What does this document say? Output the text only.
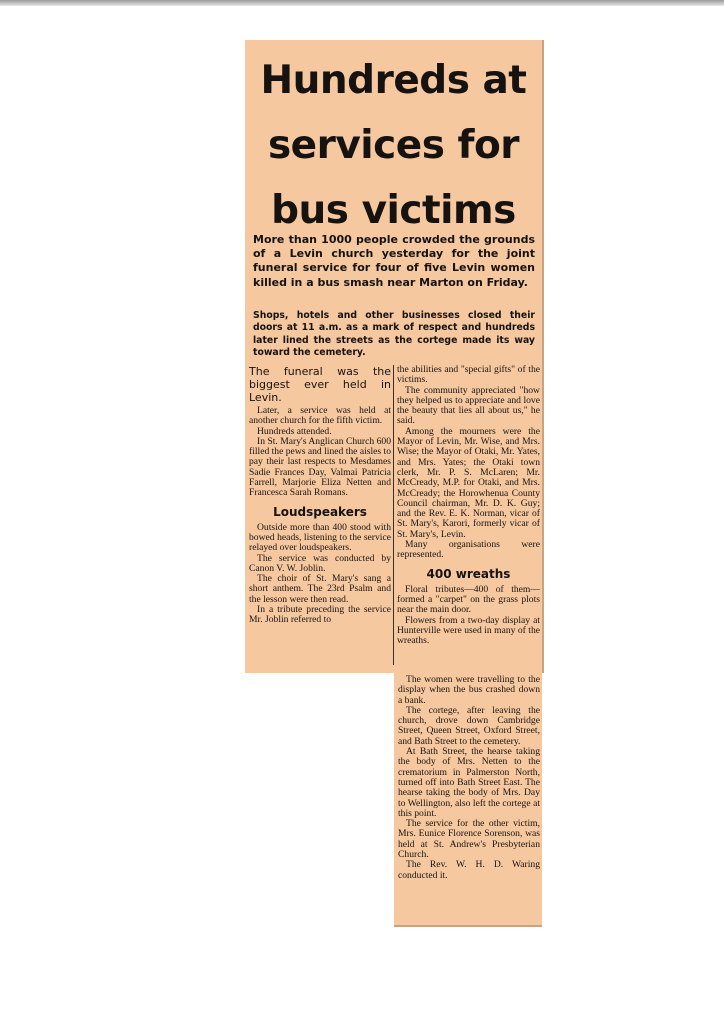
Hundreds at
services for
bus victims

More than 1000 people crowded the grounds of a Levin church yesterday for the joint funeral service for four of five Levin women killed in a bus smash near Marton on Friday.

Shops, hotels and other businesses closed their doors at 11 a.m. as a mark of respect and hundreds later lined the streets as the cortege made its way toward the cemetery.

The funeral was the biggest ever held in Levin.

Later, a service was held at another church for the fifth victim.

Hundreds attended.

In St. Mary's Anglican Church 600 filled the pews and lined the aisles to pay their last respects to Mesdames Sadie Frances Day, Valmai Patricia Farrell, Marjorie Eliza Netten and Francesca Sarah Romans.

Loudspeakers

Outside more than 400 stood with bowed heads, listening to the service relayed over loudspeakers.

The service was conducted by Canon V. W. Joblin.

The choir of St. Mary's sang a short anthem. The 23rd Psalm and the lesson were then read.

In a tribute preceding the service Mr. Joblin referred to

the abilities and "special gifts" of the victims.

The community appreciated "how they helped us to appreciate and love the beauty that lies all about us," he said.

Among the mourners were the Mayor of Levin, Mr. Wise, and Mrs. Wise; the Mayor of Otaki, Mr. Yates, and Mrs. Yates; the Otaki town clerk, Mr. P. S. McLaren; Mr. McCready, M.P. for Otaki, and Mrs. McCready; the Horowhenua County Council chairman, Mr. D. K. Guy; and the Rev. E. K. Norman, vicar of St. Mary's, Karori, formerly vicar of St. Mary's, Levin.

Many organisations were represented.

400 wreaths

Floral tributes—400 of them—formed a "carpet" on the grass plots near the main door.

Flowers from a two-day display at Hunterville were used in many of the wreaths.

The women were travelling to the display when the bus crashed down a bank.

The cortege, after leaving the church, drove down Cambridge Street, Queen Street, Oxford Street, and Bath Street to the cemetery.

At Bath Street, the hearse taking the body of Mrs. Netten to the crematorium in Palmerston North, turned off into Bath Street East. The hearse taking the body of Mrs. Day to Wellington, also left the cortege at this point.

The service for the other victim, Mrs. Eunice Florence Sorenson, was held at St. Andrew's Presbyterian Church.

The Rev. W. H. D. Waring conducted it.
